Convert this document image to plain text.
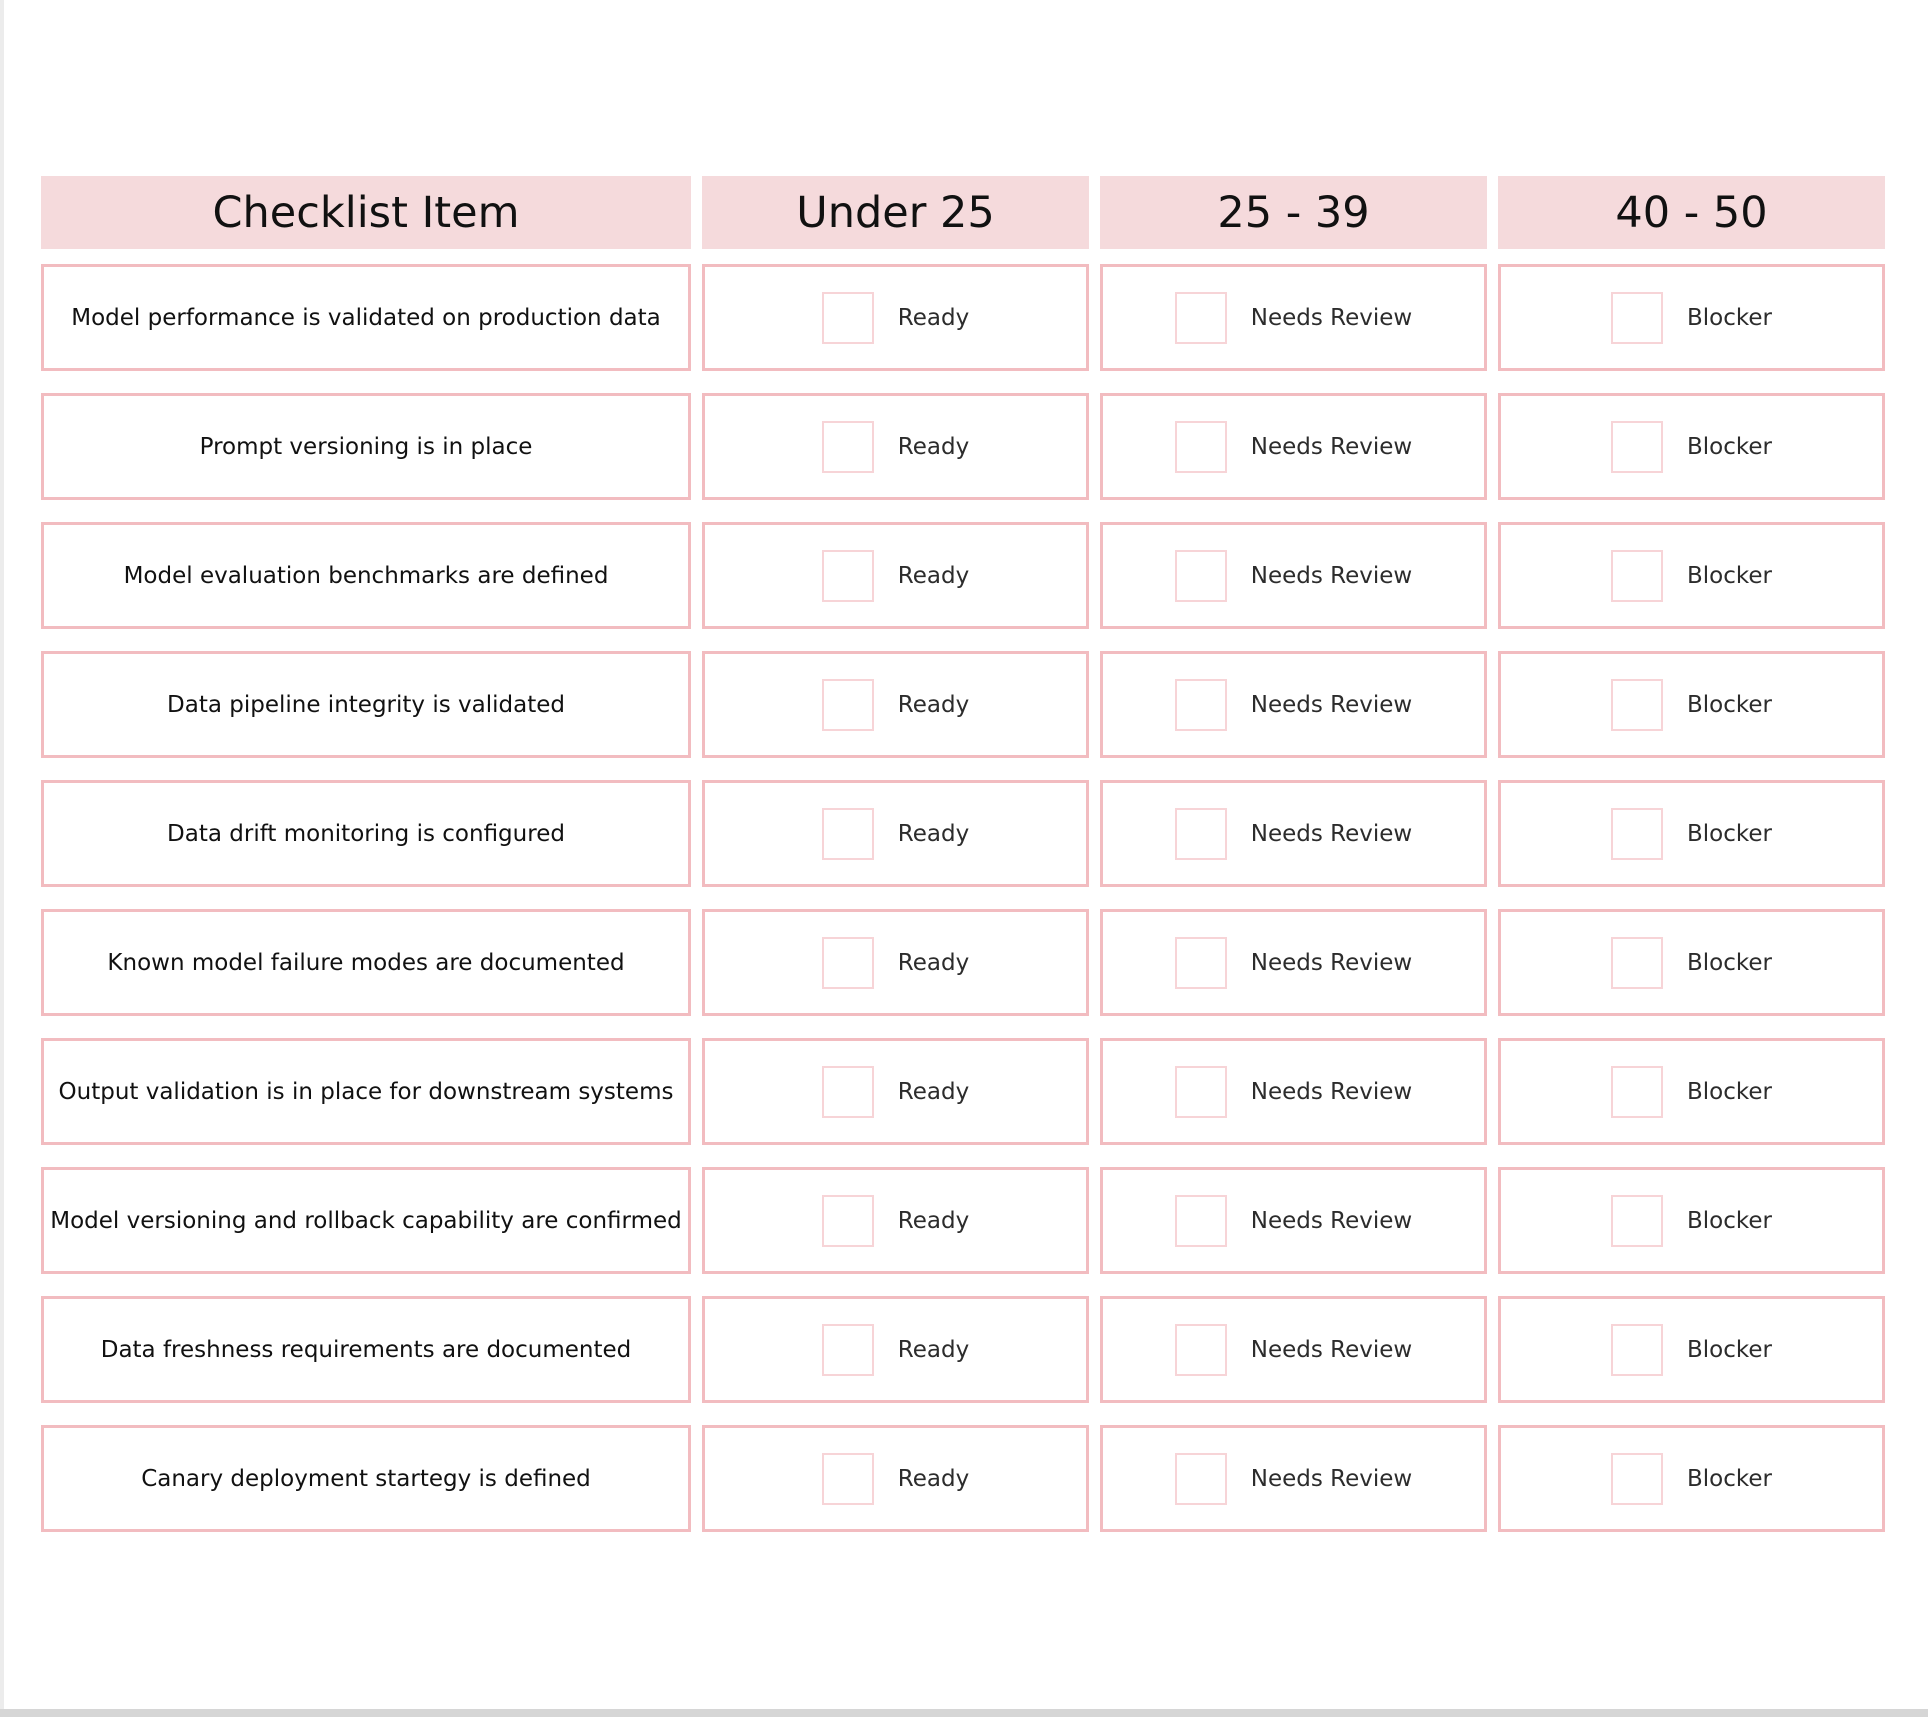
Checklist Item	Under 25	25 - 39	40 - 50
Model performance is validated on production data	Ready	Needs Review	Blocker
Prompt versioning is in place	Ready	Needs Review	Blocker
Model evaluation benchmarks are defined	Ready	Needs Review	Blocker
Data pipeline integrity is validated	Ready	Needs Review	Blocker
Data drift monitoring is configured	Ready	Needs Review	Blocker
Known model failure modes are documented	Ready	Needs Review	Blocker
Output validation is in place for downstream systems	Ready	Needs Review	Blocker
Model versioning and rollback capability are confirmed	Ready	Needs Review	Blocker
Data freshness requirements are documented	Ready	Needs Review	Blocker
Canary deployment startegy is defined	Ready	Needs Review	Blocker
